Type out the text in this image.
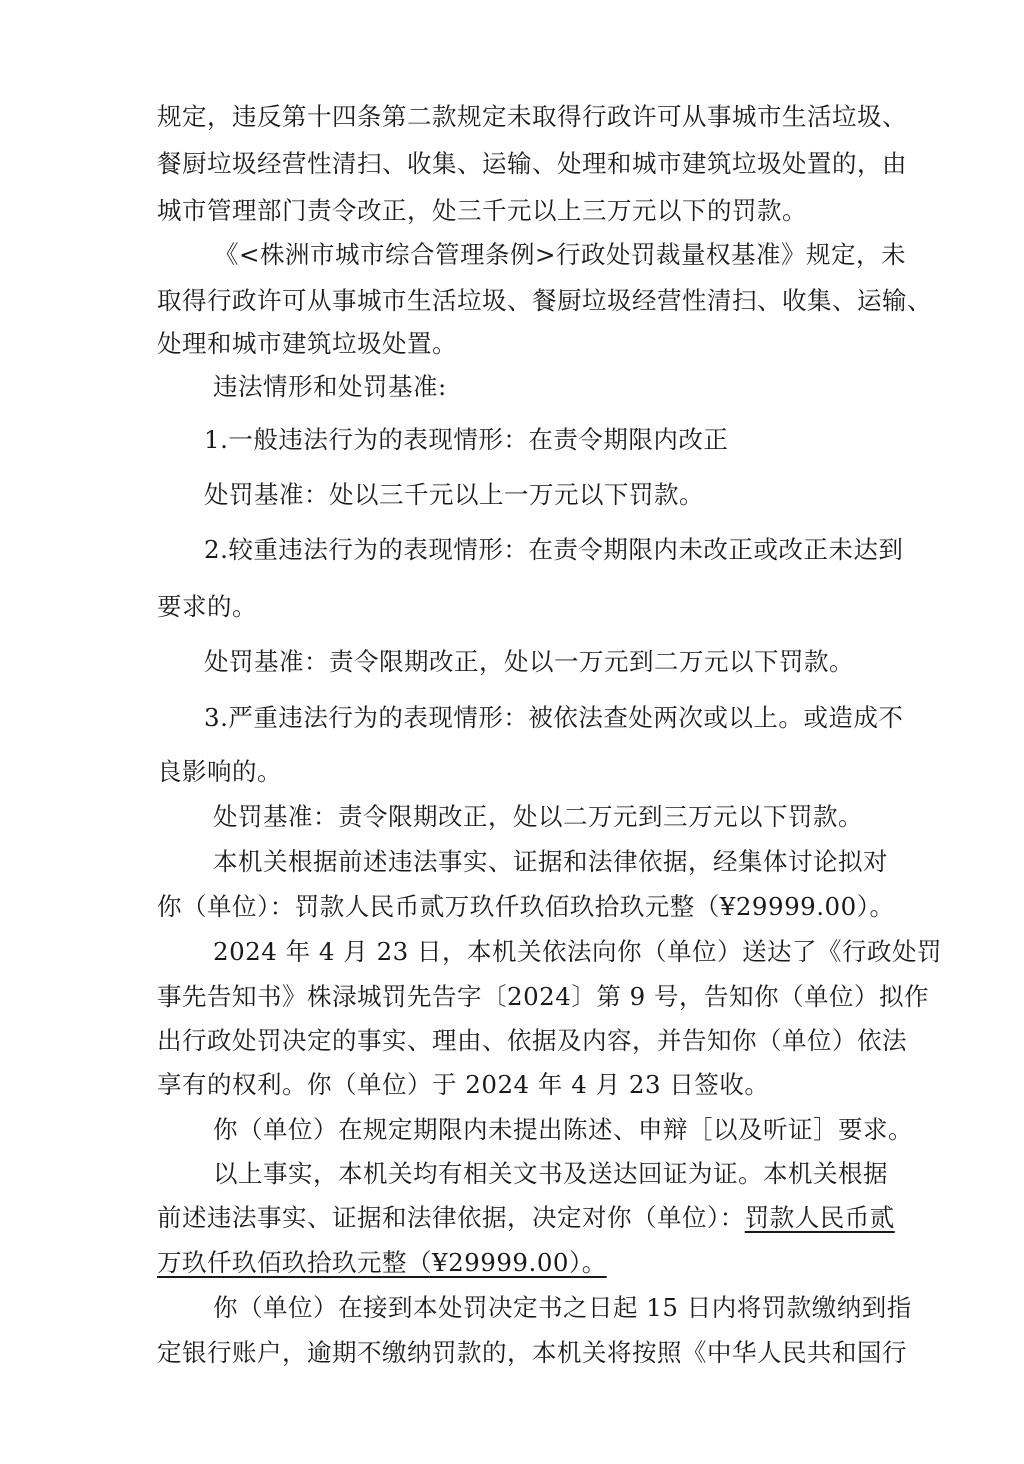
规定，违反第十四条第二款规定未取得行政许可从事城市生活垃圾、
餐厨垃圾经营性清扫、收集、运输、处理和城市建筑垃圾处置的，由
城市管理部门责令改正，处三千元以上三万元以下的罚款。
《<株洲市城市综合管理条例>行政处罚裁量权基准》规定，未
取得行政许可从事城市生活垃圾、餐厨垃圾经营性清扫、收集、运输、
处理和城市建筑垃圾处置。
违法情形和处罚基准:
1.一般违法行为的表现情形：在责令期限内改正
处罚基准：处以三千元以上一万元以下罚款。
2.较重违法行为的表现情形：在责令期限内未改正或改正未达到
要求的。
处罚基准：责令限期改正，处以一万元到二万元以下罚款。
3.严重违法行为的表现情形：被依法查处两次或以上。或造成不
良影响的。
处罚基准：责令限期改正，处以二万元到三万元以下罚款。
本机关根据前述违法事实、证据和法律依据，经集体讨论拟对
你（单位）：罚款人民币贰万玖仟玖佰玖拾玖元整（¥29999.00）。
2024 年 4 月 23 日，本机关依法向你（单位）送达了《行政处罚
事先告知书》株渌城罚先告字〔2024〕第 9 号，告知你（单位）拟作
出行政处罚决定的事实、理由、依据及内容，并告知你（单位）依法
享有的权利。你（单位）于 2024 年 4 月 23 日签收。
你（单位）在规定期限内未提出陈述、申辩［以及听证］要求。
以上事实，本机关均有相关文书及送达回证为证。本机关根据
前述违法事实、证据和法律依据，决定对你（单位）：罚款人民币贰
万玖仟玖佰玖拾玖元整（¥29999.00）。
你（单位）在接到本处罚决定书之日起 15 日内将罚款缴纳到指
定银行账户，逾期不缴纳罚款的，本机关将按照《中华人民共和国行
